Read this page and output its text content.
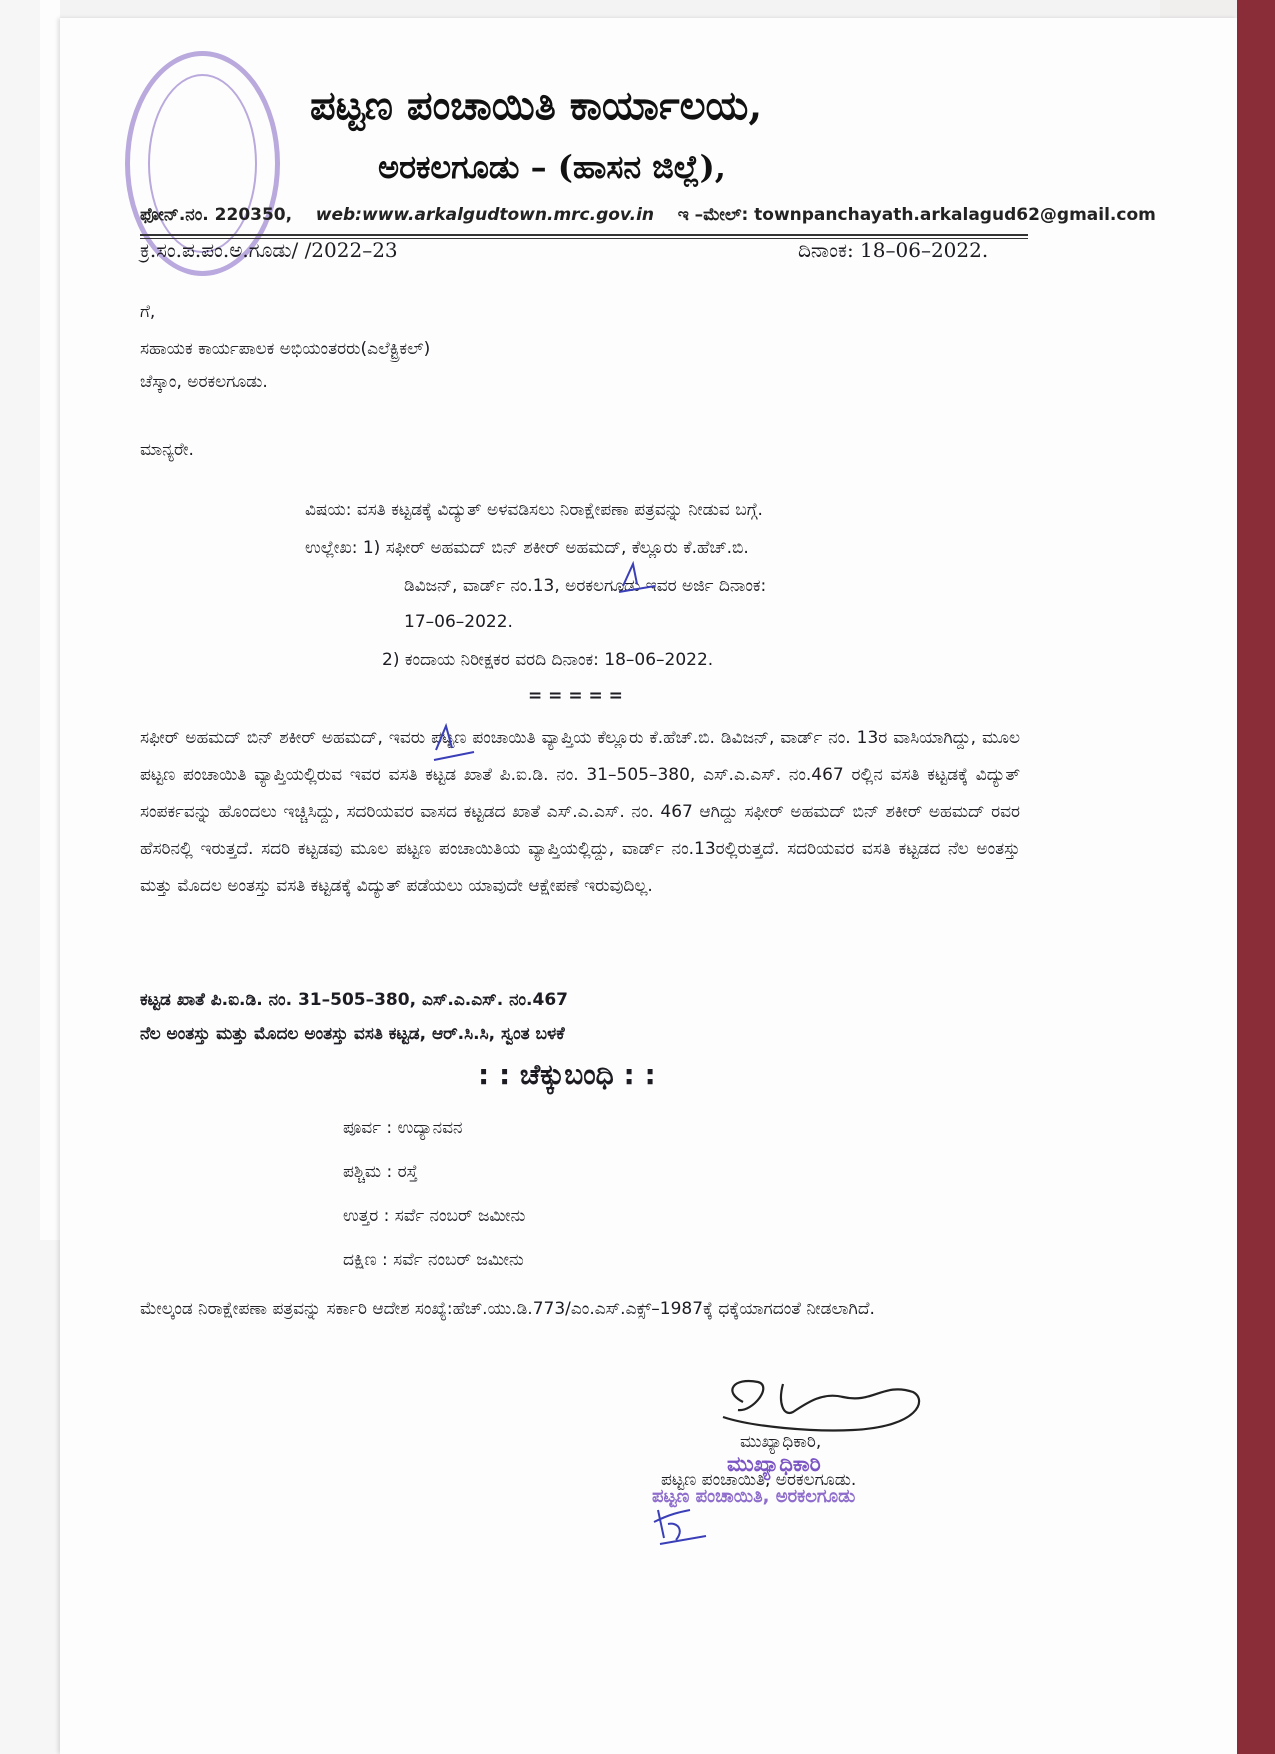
ಪಟ್ಟಣ ಪಂಚಾಯಿತಿ ಕಾರ್ಯಾಲಯ,
ಅರಕಲಗೂಡು – (ಹಾಸನ ಜಿಲ್ಲೆ),
ಫೋನ್.ನಂ. 220350, web:www.arkalgudtown.mrc.gov.in ಇ –ಮೇಲ್: townpanchayath.arkalagud62@gmail.com
ಕ್ರ.ಸಂ.ಪ.ಪಂ.ಅ.ಗೂಡು/ /2022–23	ದಿನಾಂಕ: 18–06–2022.
ಗೆ,
ಸಹಾಯಕ ಕಾರ್ಯಪಾಲಕ ಅಭಿಯಂತರರು(ಎಲೆಕ್ಟ್ರಿಕಲ್)
ಚೆಸ್ಕಾಂ, ಅರಕಲಗೂಡು.
ಮಾನ್ಯರೇ.
ವಿಷಯ: ವಸತಿ ಕಟ್ಟಡಕ್ಕೆ ವಿದ್ಯುತ್ ಅಳವಡಿಸಲು ನಿರಾಕ್ಷೇಪಣಾ ಪತ್ರವನ್ನು ನೀಡುವ ಬಗ್ಗೆ.
ಉಲ್ಲೇಖ: 1) ಸಫೀರ್ ಅಹಮದ್ ಬಿನ್ ಶಕೀರ್ ಅಹಮದ್, ಕೆಲ್ಲೂರು ಕೆ.ಹೆಚ್.ಬಿ.
ಡಿವಿಜನ್, ವಾರ್ಡ್ ನಂ.13, ಅರಕಲಗೂಡು ಇವರ ಅರ್ಜಿ ದಿನಾಂಕ:
17–06–2022.
2) ಕಂದಾಯ ನಿರೀಕ್ಷಕರ ವರದಿ ದಿನಾಂಕ: 18–06–2022.
= = = = =
ಸಫೀರ್ ಅಹಮದ್ ಬಿನ್ ಶಕೀರ್ ಅಹಮದ್, ಇವರು ಪಟ್ಟಣ ಪಂಚಾಯಿತಿ ವ್ಯಾಪ್ತಿಯ ಕೆಲ್ಲೂರು ಕೆ.ಹೆಚ್.ಬಿ. ಡಿವಿಜನ್, ವಾರ್ಡ್ ನಂ. 13ರ ವಾಸಿಯಾಗಿದ್ದು, ಮೂಲ ಪಟ್ಟಣ ಪಂಚಾಯಿತಿ ವ್ಯಾಪ್ತಿಯಲ್ಲಿರುವ ಇವರ ವಸತಿ ಕಟ್ಟಡ ಖಾತೆ ಪಿ.ಐ.ಡಿ. ನಂ. 31–505–380, ಎಸ್.ಎ.ಎಸ್. ನಂ.467 ರಲ್ಲಿನ ವಸತಿ ಕಟ್ಟಡಕ್ಕೆ ವಿದ್ಯುತ್ ಸಂಪರ್ಕವನ್ನು ಹೊಂದಲು ಇಚ್ಚಿಸಿದ್ದು, ಸದರಿಯವರ ವಾಸದ ಕಟ್ಟಡದ ಖಾತೆ ಎಸ್.ಎ.ಎಸ್. ನಂ. 467 ಆಗಿದ್ದು ಸಫೀರ್ ಅಹಮದ್ ಬಿನ್ ಶಕೀರ್ ಅಹಮದ್ ರವರ ಹೆಸರಿನಲ್ಲಿ ಇರುತ್ತದೆ. ಸದರಿ ಕಟ್ಟಡವು ಮೂಲ ಪಟ್ಟಣ ಪಂಚಾಯಿತಿಯ ವ್ಯಾಪ್ತಿಯಲ್ಲಿದ್ದು, ವಾರ್ಡ್ ನಂ.13ರಲ್ಲಿರುತ್ತದೆ. ಸದರಿಯವರ ವಸತಿ ಕಟ್ಟಡದ ನೆಲ ಅಂತಸ್ತು ಮತ್ತು ಮೊದಲ ಅಂತಸ್ತು ವಸತಿ ಕಟ್ಟಡಕ್ಕೆ ವಿದ್ಯುತ್ ಪಡೆಯಲು ಯಾವುದೇ ಆಕ್ಷೇಪಣೆ ಇರುವುದಿಲ್ಲ.
ಕಟ್ಟಡ ಖಾತೆ ಪಿ.ಐ.ಡಿ. ನಂ. 31–505–380, ಎಸ್.ಎ.ಎಸ್. ನಂ.467
ನೆಲ ಅಂತಸ್ತು ಮತ್ತು ಮೊದಲ ಅಂತಸ್ತು ವಸತಿ ಕಟ್ಟಡ, ಆರ್.ಸಿ.ಸಿ, ಸ್ವಂತ ಬಳಕೆ
: : ಚೆಕ್ಕುಬಂಧಿ : :
ಪೂರ್ವ : ಉದ್ಯಾನವನ
ಪಶ್ಚಿಮ : ರಸ್ತೆ
ಉತ್ತರ : ಸರ್ವೆ ನಂಬರ್ ಜಮೀನು
ದಕ್ಷಿಣ : ಸರ್ವೆ ನಂಬರ್ ಜಮೀನು
ಮೇಲ್ಕಂಡ ನಿರಾಕ್ಷೇಪಣಾ ಪತ್ರವನ್ನು ಸರ್ಕಾರಿ ಆದೇಶ ಸಂಖ್ಯೆ:ಹೆಚ್.ಯು.ಡಿ.773/ಎಂ.ಎಸ್.ಎಕ್ಸ್–1987ಕ್ಕೆ ಧಕ್ಕೆಯಾಗದಂತೆ ನೀಡಲಾಗಿದೆ.
ಮುಖ್ಯಾಧಿಕಾರಿ,
ಮುಖ್ಯಾಧಿಕಾರಿ
ಪಟ್ಟಣ ಪಂಚಾಯಿತಿ, ಅರಕಲಗೂಡು.
ಪಟ್ಟಣ ಪಂಚಾಯಿತಿ, ಅರಕಲಗೂಡು
